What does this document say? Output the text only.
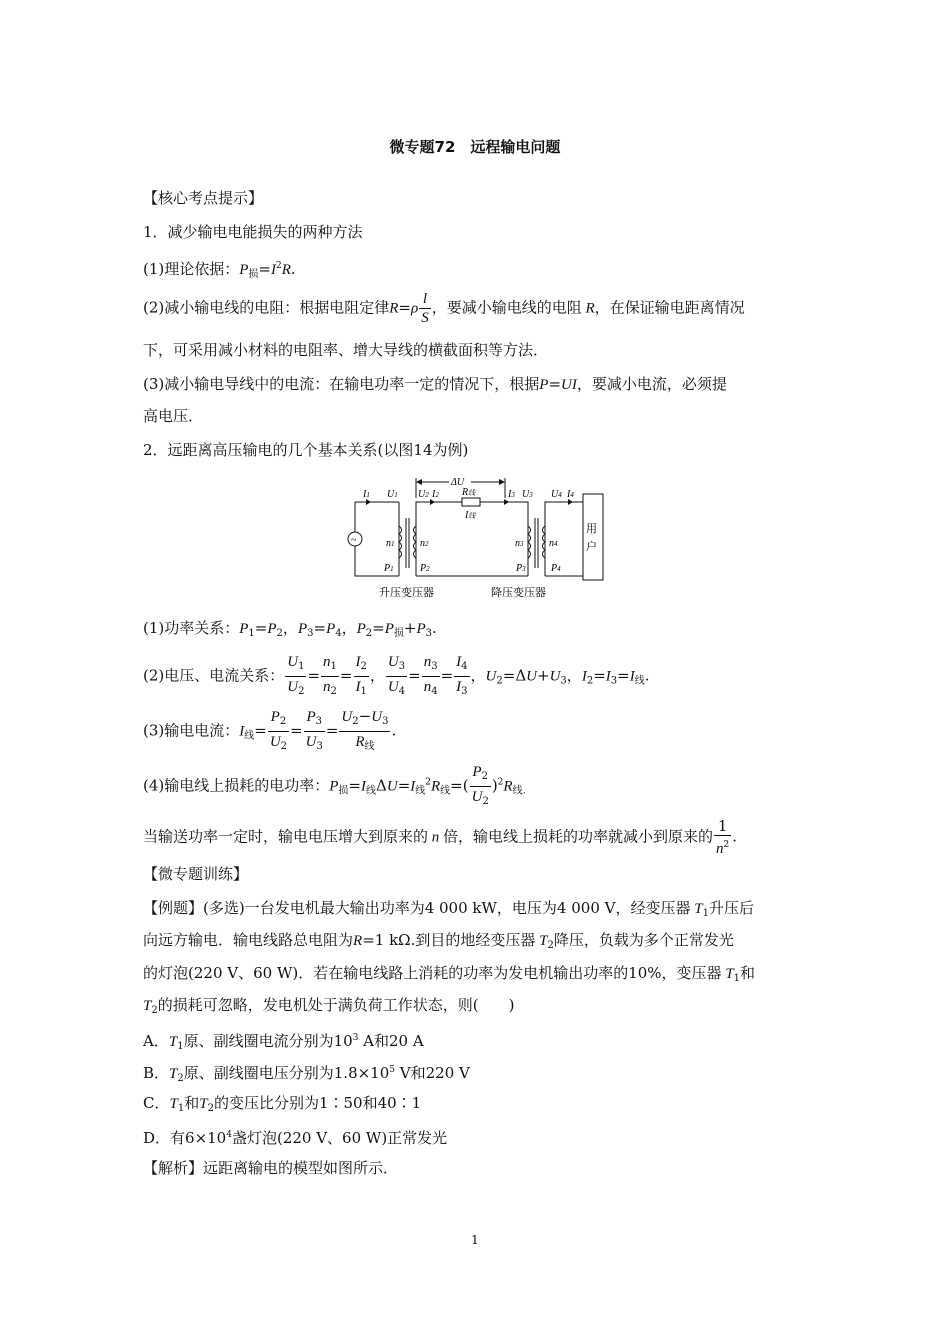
微专题72　远程输电问题
【核心考点提示】
1．减少输电电能损失的两种方法
(1)理论依据：$P_损=I^2R$.
(2)减小输电线的电阻：根据电阻定律$R=\rho \frac{l}{S}$ ，要减小输电线的电阻 R，在保证输电距离情况
下，可采用减小材料的电阻率、增大导线的横截面积等方法．
(3)减小输电导线中的电流：在输电功率一定的情况下，根据P=UI，要减小电流，必须提
高电压．
2．远距离高压输电的几个基本关系(以图14为例)
~
ΔU
I1 U1 U2 I2 R线
I线
I3 U3 U4 I4
n1	n2	n3	n4
P1	P2	P3	P4
用
户
升压变压器	降压变压器
(1)功率关系：$P_1=P_2$，$P_3=P_4$，$P_2=P_损+P_3$.
(2)电压、电流关系： $\frac{U_1}{U_2} = \frac{n_1}{n_2} = \frac{I_2}{I_1}$ ， $\frac{U_3}{U_4} = \frac{n_3}{n_4} = \frac{I_4}{I_3}$ ，$U_2=\Delta U+U_3$，$I_2=I_3=I_线$.
(3)输电电流：$I_线= \frac{P_2}{U_2} = \frac{P_3}{U_3} = \frac{U_2-U_3}{R_线}$ .
(4)输电线上损耗的电功率：$P_损=I_线\Delta U=I_线^2R_线=( \frac{P_2}{U_2} )^2R_{线.}$
当输送功率一定时，输电电压增大到原来的 n 倍，输电线上损耗的功率就减小到原来的 $\frac{1}{n^2}$ .
【微专题训练】
【例题】(多选)一台发电机最大输出功率为4 000 kW，电压为4 000 V，经变压器 $T_1$升压后
向远方输电．输电线路总电阻为R=1 kΩ.到目的地经变压器 $T_2$降压，负载为多个正常发光
的灯泡(220 V、60 W)．若在输电线路上消耗的功率为发电机输出功率的10%，变压器 $T_1$和
$T_2$的损耗可忽略，发电机处于满负荷工作状态，则(　　)
A．$T_1$原、副线圈电流分别为$10^3$ A和20 A
B．$T_2$原、副线圈电压分别为$1.8\times 10^5$ V和220 V
C．$T_1$和$T_2$的变压比分别为1∶50和40∶1
D．有$6\times 10^4$盏灯泡(220 V、60 W)正常发光
【解析】远距离输电的模型如图所示．
1
